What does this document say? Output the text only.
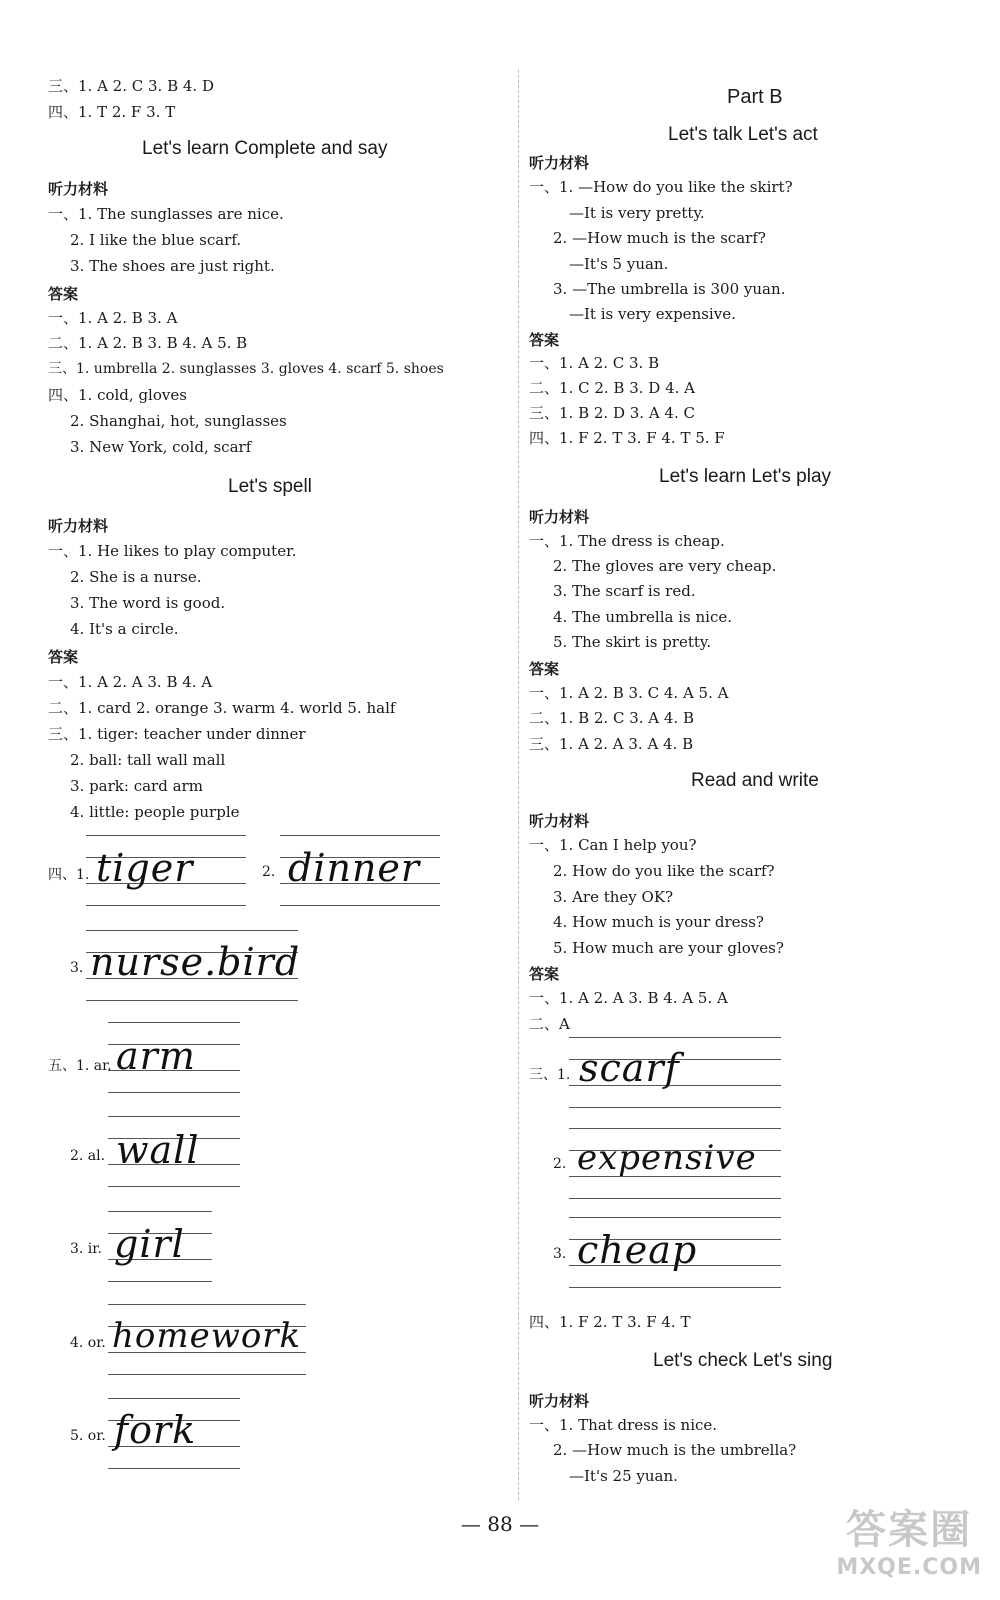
三、1. A 2. C 3. B 4. D
四、1. T 2. F 3. T
Let's learn Complete and say
听力材料
一、1. The sunglasses are nice.
2. I like the blue scarf.
3. The shoes are just right.
答案
一、1. A 2. B 3. A
二、1. A 2. B 3. B 4. A 5. B
三、1. umbrella 2. sunglasses 3. gloves 4. scarf 5. shoes
四、1. cold, gloves
2. Shanghai, hot, sunglasses
3. New York, cold, scarf
Let's spell
听力材料
一、1. He likes to play computer.
2. She is a nurse.
3. The word is good.
4. It's a circle.
答案
一、1. A 2. A 3. B 4. A
二、1. card 2. orange 3. warm 4. world 5. half
三、1. tiger: teacher under dinner
2. ball: tall wall mall
3. park: card arm
4. little: people purple
四、1. tiger	2. dinner
3. nurse.bird
五、1. ar. arm
2. al. wall
3. ir. girl
4. or. homework
5. or. fork
Part B
Let's talk Let's act
听力材料
一、1. —How do you like the skirt?
—It is very pretty.
2. —How much is the scarf?
—It's 5 yuan.
3. —The umbrella is 300 yuan.
—It is very expensive.
答案
一、1. A 2. C 3. B
二、1. C 2. B 3. D 4. A
三、1. B 2. D 3. A 4. C
四、1. F 2. T 3. F 4. T 5. F
Let's learn Let's play
听力材料
一、1. The dress is cheap.
2. The gloves are very cheap.
3. The scarf is red.
4. The umbrella is nice.
5. The skirt is pretty.
答案
一、1. A 2. B 3. C 4. A 5. A
二、1. B 2. C 3. A 4. B
三、1. A 2. A 3. A 4. B
Read and write
听力材料
一、1. Can I help you?
2. How do you like the scarf?
3. Are they OK?
4. How much is your dress?
5. How much are your gloves?
答案
一、1. A 2. A 3. B 4. A 5. A
二、A
三、1. scarf
2. expensive
3. cheap
四、1. F 2. T 3. F 4. T
Let's check Let's sing
听力材料
一、1. That dress is nice.
2. —How much is the umbrella?
—It's 25 yuan.
— 88 —	答案圈
MXQE.COM
